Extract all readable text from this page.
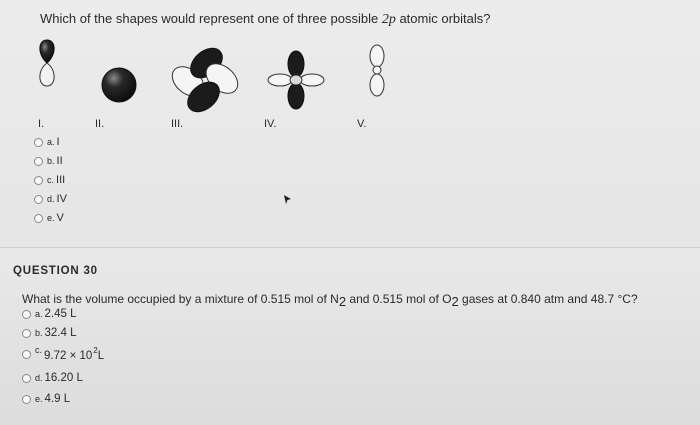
Which of the shapes would represent one of three possible 2p atomic orbitals?
I.	II.	III.	IV.	V.
a. I
b. II
c. III
d. IV
e. V
QUESTION 30
What is the volume occupied by a mixture of 0.515 mol of N2 and 0.515 mol of O2 gases at 0.840 atm and 48.7 °C?
a. 2.45 L
b. 32.4 L
c. 9.72 × 10 2 L
d. 16.20 L
e. 4.9 L
